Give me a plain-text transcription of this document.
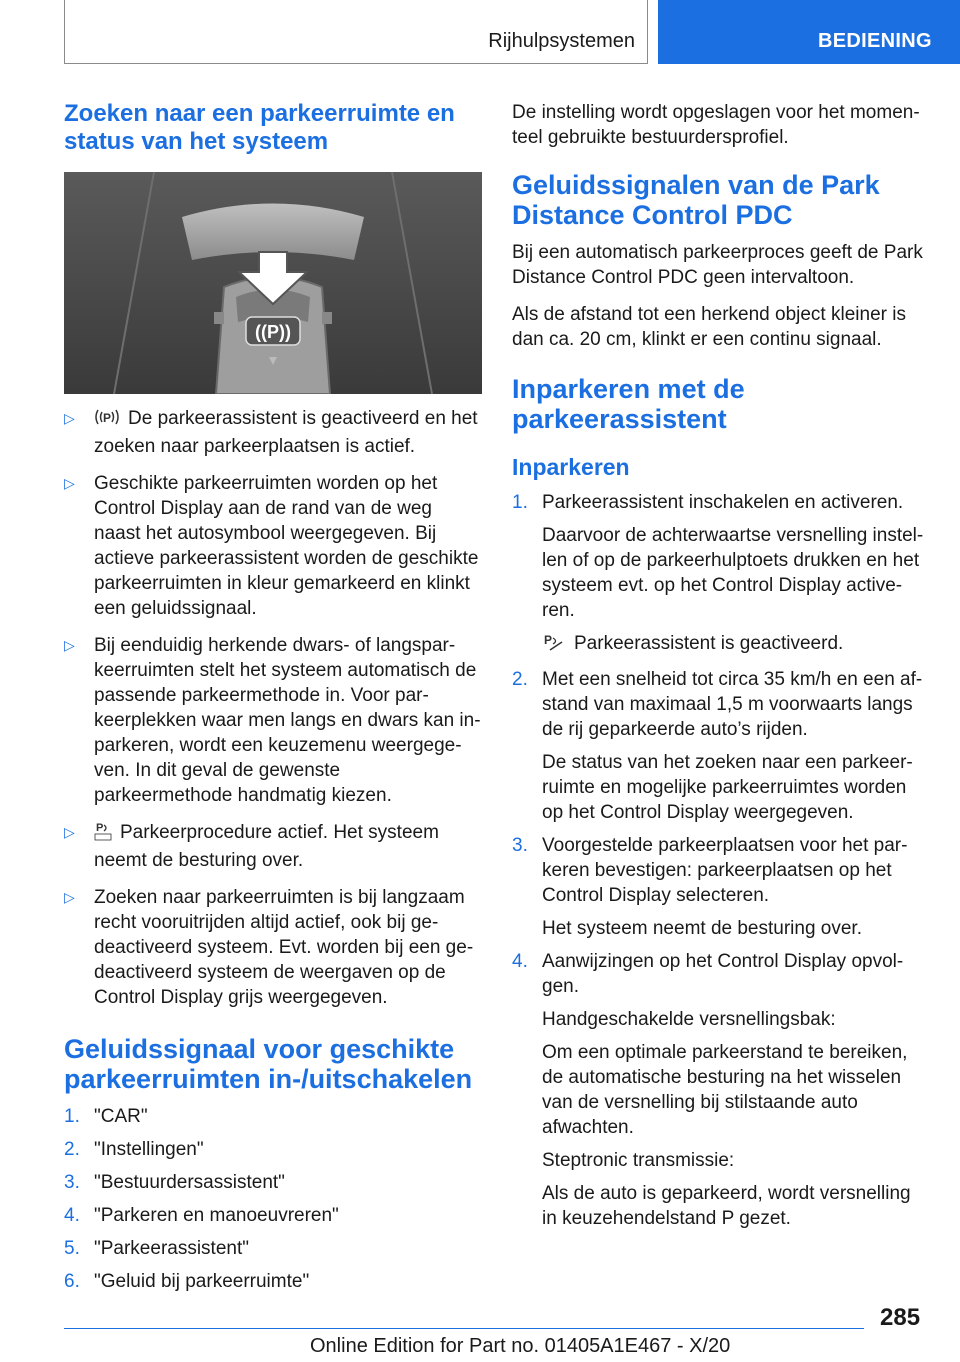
Rijhulpsystemen	BEDIENING
Zoeken naar een parkeerruimte en status van het systeem
((P))
▷ P De parkeerassistent is geactiveerd en het zoeken naar parkeerplaatsen is actief.
▷ Geschikte parkeerruimten worden op het Control Display aan de rand van de weg naast het autosymbool weergegeven. Bij actieve parkeerassistent worden de geschikte parkeerruimten in kleur gemarkeerd en klinkt een geluidssignaal.
▷ Bij eenduidig herkende dwars- of langsparkeerruimten stelt het systeem automatisch de passende parkeermethode in. Voor parkeerplekken waar men langs en dwars kan inparkeren, wordt een keuzemenu weergegeven. In dit geval de gewenste parkeermethode handmatig kiezen.
▷ P Parkeerprocedure actief. Het systeem neemt de besturing over.
▷ Zoeken naar parkeerruimten is bij langzaam recht vooruitrijden altijd actief, ook bij gedeactiveerd systeem. Evt. worden bij een gedeactiveerd systeem de weergaven op de Control Display grijs weergegeven.
Geluidssignaal voor geschikte parkeerruimten in-/uitschakelen
1. "CAR"
2. "Instellingen"
3. "Bestuurdersassistent"
4. "Parkeren en manoeuvreren"
5. "Parkeerassistent"
6. "Geluid bij parkeerruimte"

De instelling wordt opgeslagen voor het momenteel gebruikte bestuurdersprofiel.

Geluidssignalen van de Park Distance Control PDC

Bij een automatisch parkeerproces geeft de Park Distance Control PDC geen intervaltoon.

Als de afstand tot een herkend object kleiner is dan ca. 20 cm, klinkt er een continu signaal.

Inparkeren met de parkeerassistent
Inparkeren
1. Parkeerassistent inschakelen en activeren.

Daarvoor de achterwaartse versnelling instellen of op de parkeerhulptoets drukken en het systeem evt. op het Control Display activeren.

P Parkeerassistent is geactiveerd.

2. Met een snelheid tot circa 35 km/h en een afstand van maximaal 1,5 m voorwaarts langs de rij geparkeerde auto’s rijden.

De status van het zoeken naar een parkeerruimte en mogelijke parkeerruimtes worden op het Control Display weergegeven.

3. Voorgestelde parkeerplaatsen voor het parkeren bevestigen: parkeerplaatsen op het Control Display selecteren.

Het systeem neemt de besturing over.

4. Aanwijzingen op het Control Display opvolgen.

Handgeschakelde versnellingsbak:

Om een optimale parkeerstand te bereiken, de automatische besturing na het wisselen van de versnelling bij stilstaande auto afwachten.

Steptronic transmissie:

Als de auto is geparkeerd, wordt versnelling in keuzehendelstand P gezet.

285
Online Edition for Part no. 01405A1E467 - X/20
